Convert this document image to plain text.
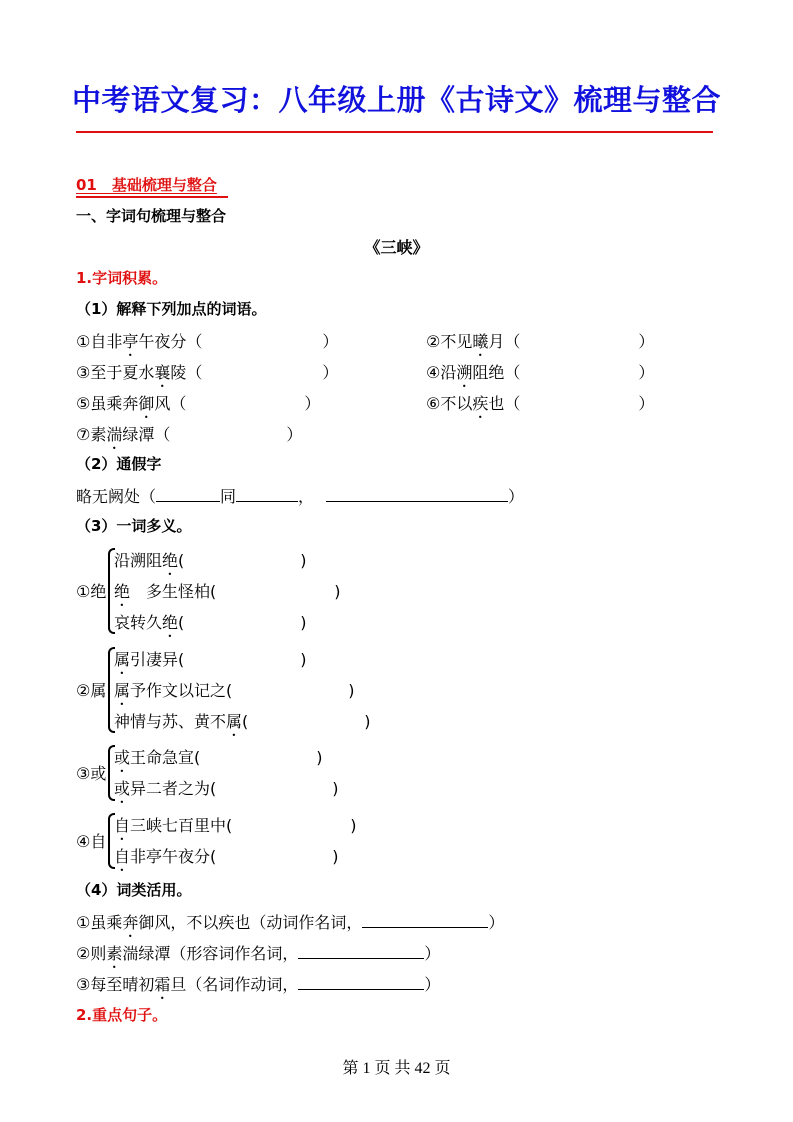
中考语文复习：八年级上册《古诗文》梳理与整合
01　基础梳理与整合
一、字词句梳理与整合
《三峡》
1.字词积累。
（1）解释下列加点的词语。
①自非亭午夜分（	）	②不见曦月（	）
③至于夏水襄陵（	）	④沿溯阻绝（	）
⑤虽乘奔御风（	）	⑥不以疾也（	）
⑦素湍绿潭（	）
（2）通假字
略无阙处（	同	，	）
（3）一词多义。
①绝
沿溯阻绝(	)
绝　多生怪柏(	)
哀转久绝(	)
②属
属引凄异(	)
属予作文以记之(	)
神情与苏、黄不属(	)
③或
或王命急宣(	)
或异二者之为(	)
④自
自三峡七百里中(	)
自非亭午夜分(	)
（4）词类活用。
①虽乘奔御风，不以疾也（动词作名词，	）
②则素湍绿潭（形容词作名词，	）
③每至晴初霜旦（名词作动词，	）
2.重点句子。
第 1 页 共 42 页
